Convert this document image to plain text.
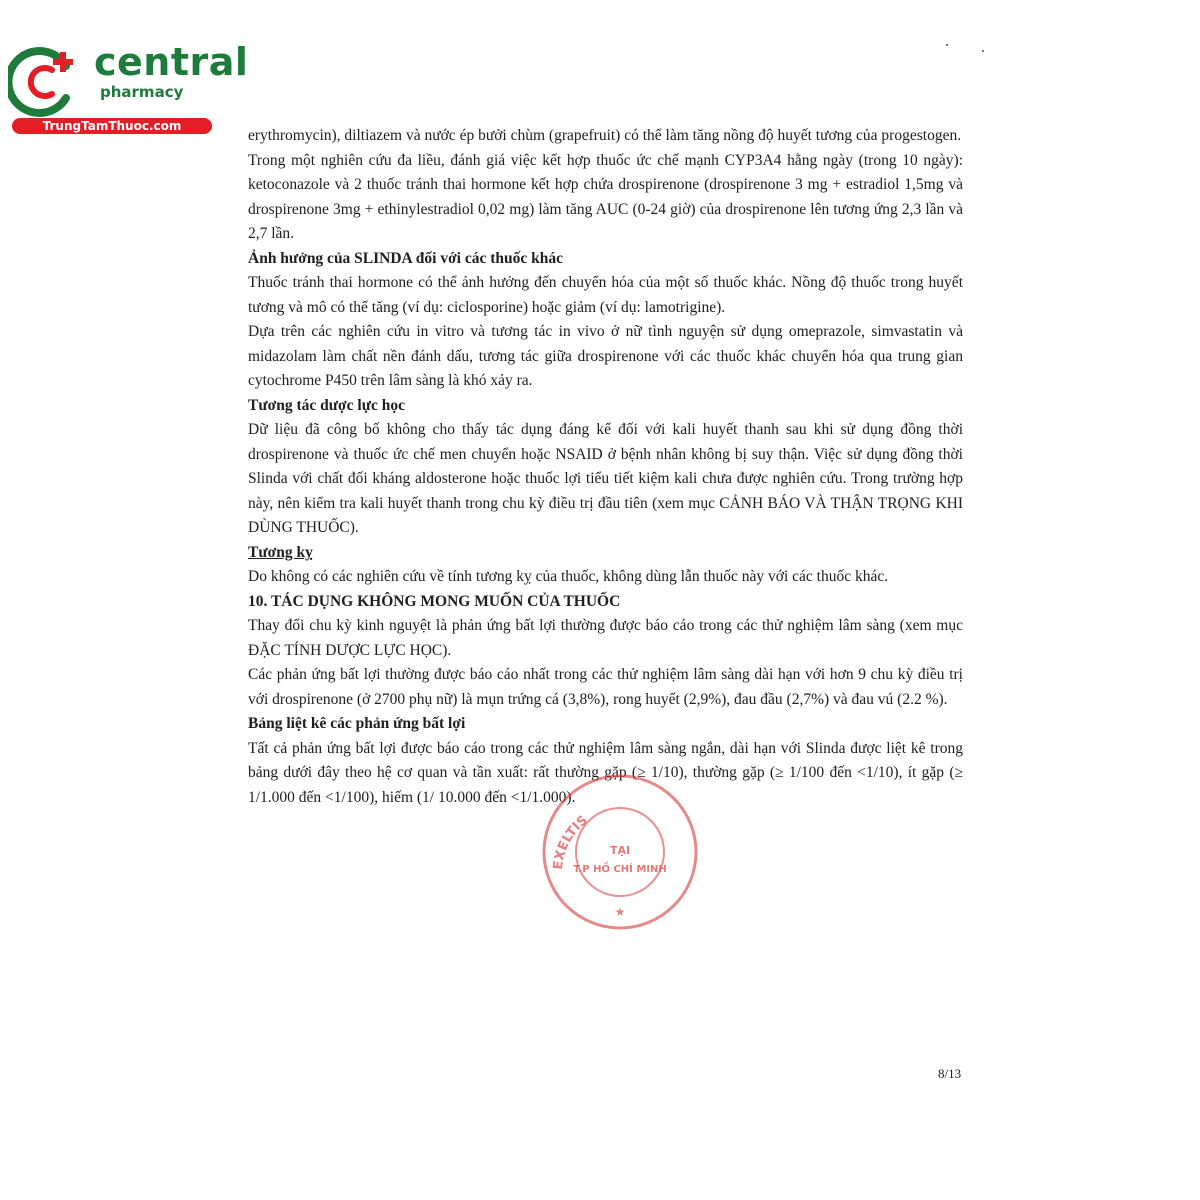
central

pharmacy

TrungTamThuoc.com

erythromycin), diltiazem và nước ép bưởi chùm (grapefruit) có thể làm tăng nồng độ huyết tương của progestogen.

Trong một nghiên cứu đa liều, đánh giá việc kết hợp thuốc ức chế mạnh CYP3A4 hằng ngày (trong 10 ngày): ketoconazole và 2 thuốc tránh thai hormone kết hợp chứa drospirenone (drospirenone 3 mg + estradiol 1,5mg và drospirenone 3mg + ethinylestradiol 0,02 mg) làm tăng AUC (0-24 giờ) của drospirenone lên tương ứng 2,3 lần và 2,7 lần.

Ảnh hưởng của SLINDA đối với các thuốc khác

Thuốc tránh thai hormone có thể ảnh hưởng đến chuyển hóa của một số thuốc khác. Nồng độ thuốc trong huyết tương và mô có thể tăng (ví dụ: ciclosporine) hoặc giảm (ví dụ: lamotrigine).

Dựa trên các nghiên cứu in vitro và tương tác in vivo ở nữ tình nguyện sử dụng omeprazole, simvastatin và midazolam làm chất nền đánh dấu, tương tác giữa drospirenone với các thuốc khác chuyển hóa qua trung gian cytochrome P450 trên lâm sàng là khó xảy ra.

Tương tác dược lực học

Dữ liệu đã công bố không cho thấy tác dụng đáng kể đối với kali huyết thanh sau khi sử dụng đồng thời drospirenone và thuốc ức chế men chuyển hoặc NSAID ở bệnh nhân không bị suy thận. Việc sử dụng đồng thời Slinda với chất đối kháng aldosterone hoặc thuốc lợi tiểu tiết kiệm kali chưa được nghiên cứu. Trong trường hợp này, nên kiểm tra kali huyết thanh trong chu kỳ điều trị đầu tiên (xem mục CẢNH BÁO VÀ THẬN TRỌNG KHI DÙNG THUỐC).

Tương kỵ

Do không có các nghiên cứu về tính tương kỵ của thuốc, không dùng lẫn thuốc này với các thuốc khác.

10. TÁC DỤNG KHÔNG MONG MUỐN CỦA THUỐC

Thay đổi chu kỳ kinh nguyệt là phản ứng bất lợi thường được báo cáo trong các thử nghiệm lâm sàng (xem mục ĐẶC TÍNH DƯỢC LỰC HỌC).

Các phản ứng bất lợi thường được báo cáo nhất trong các thử nghiệm lâm sàng dài hạn với hơn 9 chu kỳ điều trị với drospirenone (ở 2700 phụ nữ) là mụn trứng cá (3,8%), rong huyết (2,9%), đau đầu (2,7%) và đau vú (2.2 %).

Bảng liệt kê các phản ứng bất lợi

Tất cả phản ứng bất lợi được báo cáo trong các thử nghiệm lâm sàng ngắn, dài hạn với Slinda được liệt kê trong bảng dưới đây theo hệ cơ quan và tần xuất: rất thường gặp (≥ 1/10), thường gặp (≥ 1/100 đến <1/10), ít gặp (≥ 1/1.000 đến <1/100), hiếm (1/ 10.000 đến <1/1.000).

EXELTIS
TẠI
T.P HỒ CHÍ MINH
★
8/13
